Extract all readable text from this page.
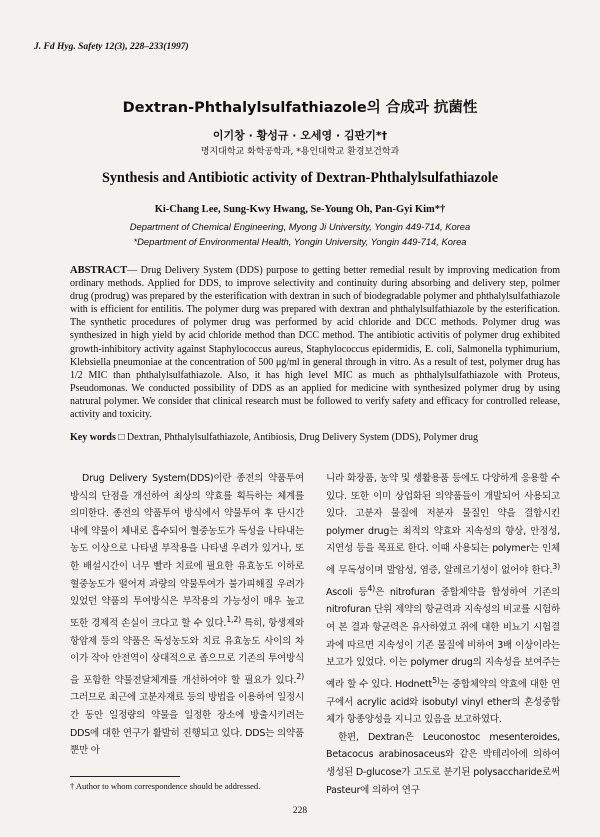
J. Fd Hyg. Safety 12(3), 228–233(1997)
Dextran-Phthalylsulfathiazole의 合成과 抗菌性
이기창 · 황성규 · 오세영 · 김판기*†
명지대학교 화학공학과, *용인대학교 환경보건학과
Synthesis and Antibiotic activity of Dextran-Phthalylsulfathiazole
Ki-Chang Lee, Sung-Kwy Hwang, Se-Young Oh, Pan-Gyi Kim*†
Department of Chemical Engineering, Myong Ji University, Yongin 449-714, Korea
*Department of Environmental Health, Yongin University, Yongin 449-714, Korea
ABSTRACT— Drug Delivery System (DDS) purpose to getting better remedial result by improving medication from ordinary methods. Applied for DDS, to improve selectivity and continuity during absorbing and delivery step, polmer drug (prodrug) was prepared by the esterification with dextran in such of biodegradable polymer and phthalylsulfathiazole with is efficient for entilitis. The polymer durg was prepared with dextran and phthalylsulfathiazole by the esterification. The synthetic procedures of polymer drug was performed by acid chloride and DCC methods. Polymer drug was synthesized in high yield by acid chloride method than DCC method. The antibiotic activitis of polymer drug exhibited growth-inhibitory activity against Staphylococcus aureus, Staphylococcus epidermidis, E. coli, Salmonella typhimurium, Klebsiella pneumoniae at the concentration of 500 μg/ml in general through in vitro. As a result of test, polymer drug has 1/2 MIC than phthalylsulfathiazole. Also, it has high level MIC as much as phthalylsulfathiazole with Proteus, Pseudomonas. We conducted possibility of DDS as an applied for medicine with synthesized polymer drug by using natrural polymer. We consider that clinical research must be followed to verify safety and efficacy for controlled release, activity and toxicity.
Key words □ Dextran, Phthalylsulfathiazole, Antibiosis, Drug Delivery System (DDS), Polymer drug

Drug Delivery System(DDS)이란 종전의 약품투여 방식의 단점을 개선하여 최상의 약효를 획득하는 체계를 의미한다. 종전의 약품투여 방식에서 약물투여 후 단시간 내에 약물이 체내로 흡수되어 혈중농도가 독성을 나타내는 농도 이상으로 나타낼 부작용을 나타낼 우려가 있거나, 또한 배설시간이 너무 빨라 치료에 필요한 유효농도 이하로 혈중농도가 떨어져 과량의 약물투여가 불가피해질 우려가 있었던 약품의 투여방식은 부작용의 가능성이 매우 높고 또한 경제적 손실이 크다고 할 수 있다.$^{1,2)}$ 특히, 항생제와 항암제 등의 약품은 독성농도와 치료 유효농도 사이의 차이가 작아 안전역이 상대적으로 좁으므로 기존의 투여방식을 포함한 약물전달체계를 개선하여야 할 필요가 있다.$^{2)}$ 그러므로 최근에 고분자재료 등의 방법을 이용하여 일정시간 동안 일정량의 약물을 일정한 장소에 방출시키려는 DDS에 대한 연구가 활발히 진행되고 있다. DDS는 의약품 뿐만 아

니라 화장품, 농약 및 생활용품 등에도 다양하게 응용할 수 있다. 또한 이미 상업화된 의약품들이 개발되어 사용되고 있다. 고분자 물질에 저분자 물질인 약을 결합시킨 polymer drug는 최적의 약효와 지속성의 향상, 안정성, 지연성 등을 목표로 한다. 이때 사용되는 polymer는 인체에 무독성이며 발암성, 염증, 알레르기성이 없어야 한다.$^{3)}$ Ascoli 등$^{4)}$은 nitrofuran 중합체약을 합성하여 기존의 nitrofuran 단위 제약의 항균력과 지속성의 비교를 시험하여 본 결과 항균력은 유사하였고 쥐에 대한 비뇨기 시험결과에 따르면 지속성이 기존 물질에 비하여 3배 이상이라는 보고가 있었다. 이는 polymer drug의 지속성을 보여주는 예라 할 수 있다. Hodnett$^{5)}$는 중합체약의 약효에 대한 연구에서 acrylic acid와 isobutyl vinyl ether의 혼성중합체가 항종양성을 지니고 있음을 보고하였다.

한편, Dextran은 Leuconostoc mesenteroides, Betacocus arabinosaceus와 같은 박테리아에 의하여 생성된 D-glucose가 고도로 분기된 polysaccharide로써 Pasteur에 의하여 연구

† Author to whom correspondence should be addressed.
228
